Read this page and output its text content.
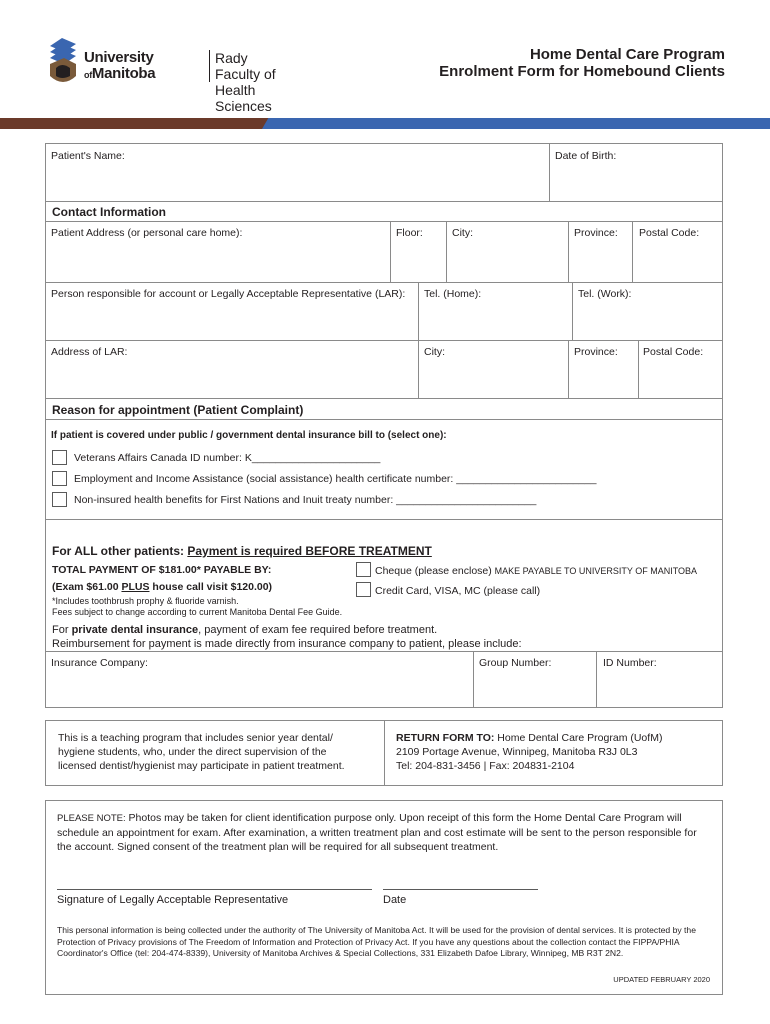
University
ofManitoba
Rady Faculty of
Health Sciences
Home Dental Care Program
Enrolment Form for Homebound Clients
Patient's Name:	Date of Birth:
Contact Information
Patient Address (or personal care home):	Floor:	City:	Province: Postal Code:
Person responsible for account or Legally Acceptable Representative (LAR): Tel. (Home):	Tel. (Work):
Address of LAR:	City:	Province: Postal Code:
Reason for appointment (Patient Complaint)
If patient is covered under public / government dental insurance bill to (select one):
Veterans Affairs Canada ID number: K______________________
Employment and Income Assistance (social assistance) health certificate number: ________________________
Non-insured health benefits for First Nations and Inuit treaty number: ________________________
For ALL other patients: Payment is required BEFORE TREATMENT
TOTAL PAYMENT OF $181.00* PAYABLE BY:
(Exam $61.00 PLUS house call visit $120.00)
*Includes toothbrush prophy & fluoride varnish.
Fees subject to change according to current Manitoba Dental Fee Guide.
Cheque (please enclose) MAKE PAYABLE TO UNIVERSITY OF MANITOBA
Credit Card, VISA, MC (please call)
For private dental insurance, payment of exam fee required before treatment.
Reimbursement for payment is made directly from insurance company to patient, please include:
Insurance Company:	Group Number:	ID Number:
This is a teaching program that includes senior year dental/
hygiene students, who, under the direct supervision of the
licensed dentist/hygienist may participate in patient treatment.
RETURN FORM TO: Home Dental Care Program (UofM)
2109 Portage Avenue, Winnipeg, Manitoba R3J 0L3
Tel: 204-831-3456 | Fax: 204831-2104
PLEASE NOTE: Photos may be taken for client identification purpose only. Upon receipt of this form the Home Dental Care Program will schedule an appointment for exam. After examination, a written treatment plan and cost estimate will be sent to the person responsible for the account. Signed consent of the treatment plan will be required for all subsequent treatment.
Signature of Legally Acceptable Representative	Date
This personal information is being collected under the authority of The University of Manitoba Act. It will be used for the provision of dental services. It is protected by the Protection of Privacy provisions of The Freedom of Information and Protection of Privacy Act. If you have any questions about the collection contact the FIPPA/PHIA Coordinator's Office (tel: 204-474-8339), University of Manitoba Archives & Special Collections, 331 Elizabeth Dafoe Library, Winnipeg, MB R3T 2N2.
UPDATED FEBRUARY 2020
